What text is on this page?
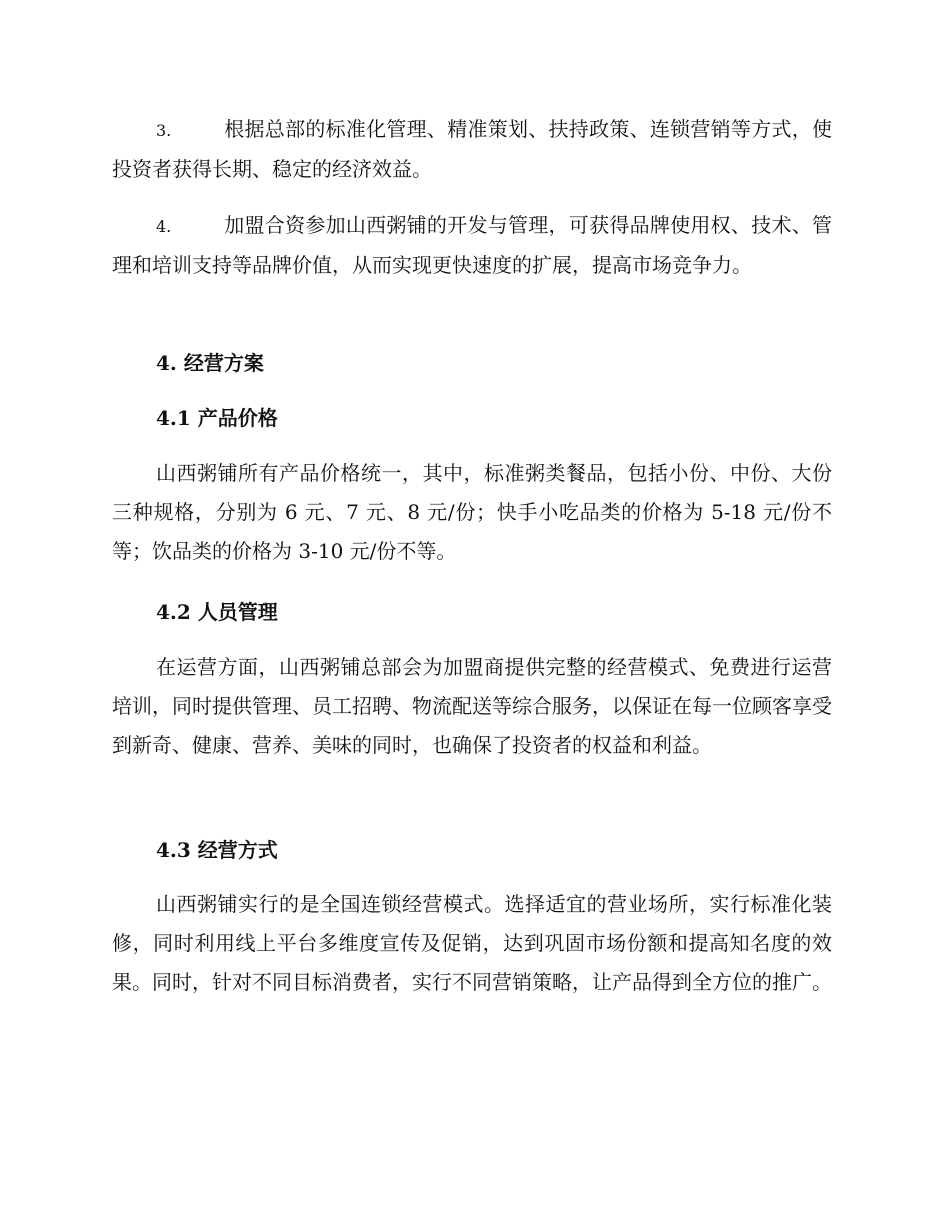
3.	根据总部的标准化管理、精准策划、扶持政策、连锁营销等方式，使投资者获得长期、稳定的经济效益。

4.	加盟合资参加山西粥铺的开发与管理，可获得品牌使用权、技术、管理和培训支持等品牌价值，从而实现更快速度的扩展，提高市场竞争力。

4. 经营方案
4.1 产品价格

山西粥铺所有产品价格统一，其中，标准粥类餐品，包括小份、中份、大份三种规格，分别为 6 元、7 元、8 元/份；快手小吃品类的价格为 5-18 元/份不等；饮品类的价格为 3-10 元/份不等。

4.2 人员管理

在运营方面，山西粥铺总部会为加盟商提供完整的经营模式、免费进行运营培训，同时提供管理、员工招聘、物流配送等综合服务，以保证在每一位顾客享受到新奇、健康、营养、美味的同时，也确保了投资者的权益和利益。

4.3 经营方式

山西粥铺实行的是全国连锁经营模式。选择适宜的营业场所，实行标准化装修，同时利用线上平台多维度宣传及促销，达到巩固市场份额和提高知名度的效果。同时，针对不同目标消费者，实行不同营销策略，让产品得到全方位的推广。
